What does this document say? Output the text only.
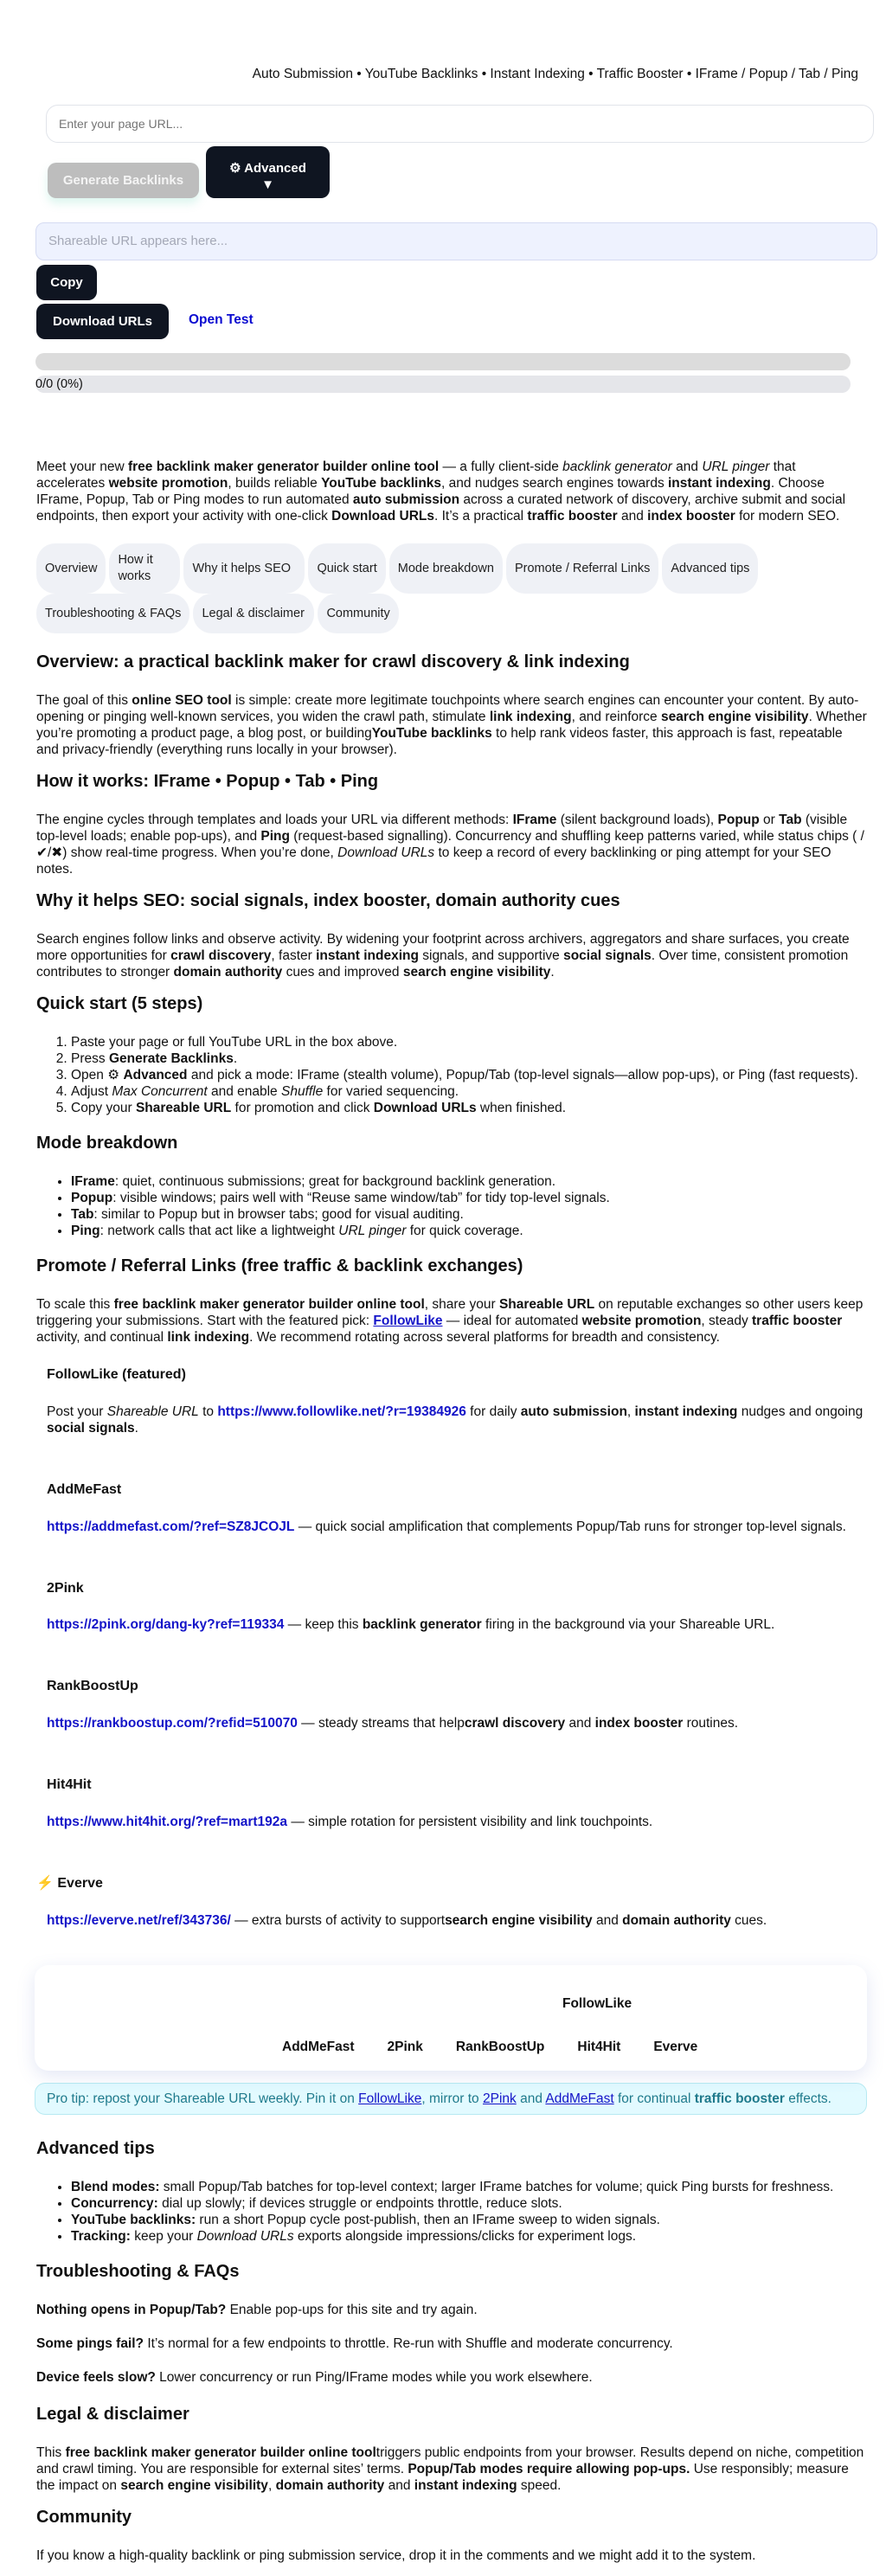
Auto Submission • YouTube Backlinks • Instant Indexing • Traffic Booster • IFrame / Popup / Tab / Ping
Enter your page URL...
Generate Backlinks
⚙ Advanced
▼
Shareable URL appears here...
Copy
Download URLs	Open Test
0/0 (0%)

Meet your new free backlink maker generator builder online tool — a fully client-side backlink generator and URL pinger that accelerates website promotion, builds reliable YouTube backlinks, and nudges search engines towards instant indexing. Choose IFrame, Popup, Tab or Ping modes to run automated auto submission across a curated network of discovery, archive submit and social endpoints, then export your activity with one-click Download URLs. It’s a practical traffic booster and index booster for modern SEO.

Overview
How it works
Why it helps SEO	Quick start	Mode breakdown	Promote / Referral Links	Advanced tips
Troubleshooting & FAQs	Legal & disclaimer	Community
Overview: a practical backlink maker for crawl discovery & link indexing

The goal of this online SEO tool is simple: create more legitimate touchpoints where search engines can encounter your content. By auto-opening or pinging well-known services, you widen the crawl path, stimulate link indexing, and reinforce search engine visibility. Whether you’re promoting a product page, a blog post, or buildingYouTube backlinks to help rank videos faster, this approach is fast, repeatable and privacy-friendly (everything runs locally in your browser).

How it works: IFrame • Popup • Tab • Ping

The engine cycles through templates and loads your URL via different methods: IFrame (silent background loads), Popup or Tab (visible top-level loads; enable pop-ups), and Ping (request-based signalling). Concurrency and shuffling keep patterns varied, while status chips ( /✔/✖) show real-time progress. When you’re done, Download URLs to keep a record of every backlinking or ping attempt for your SEO notes.

Why it helps SEO: social signals, index booster, domain authority cues

Search engines follow links and observe activity. By widening your footprint across archivers, aggregators and share surfaces, you create more opportunities for crawl discovery, faster instant indexing signals, and supportive social signals. Over time, consistent promotion contributes to stronger domain authority cues and improved search engine visibility.

Quick start (5 steps)
1. Paste your page or full YouTube URL in the box above.
2. Press Generate Backlinks.
3. Open ⚙ Advanced and pick a mode: IFrame (stealth volume), Popup/Tab (top-level signals—allow pop-ups), or Ping (fast requests).
4. Adjust Max Concurrent and enable Shuffle for varied sequencing.
5. Copy your Shareable URL for promotion and click Download URLs when finished.
Mode breakdown
• IFrame: quiet, continuous submissions; great for background backlink generation.
• Popup: visible windows; pairs well with “Reuse same window/tab” for tidy top-level signals.
• Tab: similar to Popup but in browser tabs; good for visual auditing.
• Ping: network calls that act like a lightweight URL pinger for quick coverage.
Promote / Referral Links (free traffic & backlink exchanges)

To scale this free backlink maker generator builder online tool, share your Shareable URL on reputable exchanges so other users keep triggering your submissions. Start with the featured pick: FollowLike — ideal for automated website promotion, steady traffic booster activity, and continual link indexing. We recommend rotating across several platforms for breadth and consistency.

FollowLike (featured)

Post your Shareable URL to https://www.followlike.net/?r=19384926 for daily auto submission, instant indexing nudges and ongoing social signals.

AddMeFast

https://addmefast.com/?ref=SZ8JCOJL — quick social amplification that complements Popup/Tab runs for stronger top-level signals.

2Pink

https://2pink.org/dang-ky?ref=119334 — keep this backlink generator firing in the background via your Shareable URL.

RankBoostUp

https://rankboostup.com/?refid=510070 — steady streams that helpcrawl discovery and index booster routines.

Hit4Hit

https://www.hit4hit.org/?ref=mart192a — simple rotation for persistent visibility and link touchpoints.

⚡ Everve

https://everve.net/ref/343736/ — extra bursts of activity to supportsearch engine visibility and domain authority cues.

FollowLike
AddMeFast 2Pink RankBoostUp Hit4Hit Everve
Pro tip: repost your Shareable URL weekly. Pin it on FollowLike, mirror to 2Pink and AddMeFast for continual traffic booster effects.
Advanced tips
• Blend modes: small Popup/Tab batches for top-level context; larger IFrame batches for volume; quick Ping bursts for freshness.
• Concurrency: dial up slowly; if devices struggle or endpoints throttle, reduce slots.
• YouTube backlinks: run a short Popup cycle post-publish, then an IFrame sweep to widen signals.
• Tracking: keep your Download URLs exports alongside impressions/clicks for experiment logs.
Troubleshooting & FAQs

Nothing opens in Popup/Tab? Enable pop-ups for this site and try again.

Some pings fail? It’s normal for a few endpoints to throttle. Re-run with Shuffle and moderate concurrency.

Device feels slow? Lower concurrency or run Ping/IFrame modes while you work elsewhere.

Legal & disclaimer

This free backlink maker generator builder online tooltriggers public endpoints from your browser. Results depend on niche, competition and crawl timing. You are responsible for external sites’ terms. Popup/Tab modes require allowing pop-ups. Use responsibly; measure the impact on search engine visibility, domain authority and instant indexing speed.

Community

If you know a high-quality backlink or ping submission service, drop it in the comments and we might add it to the system.
